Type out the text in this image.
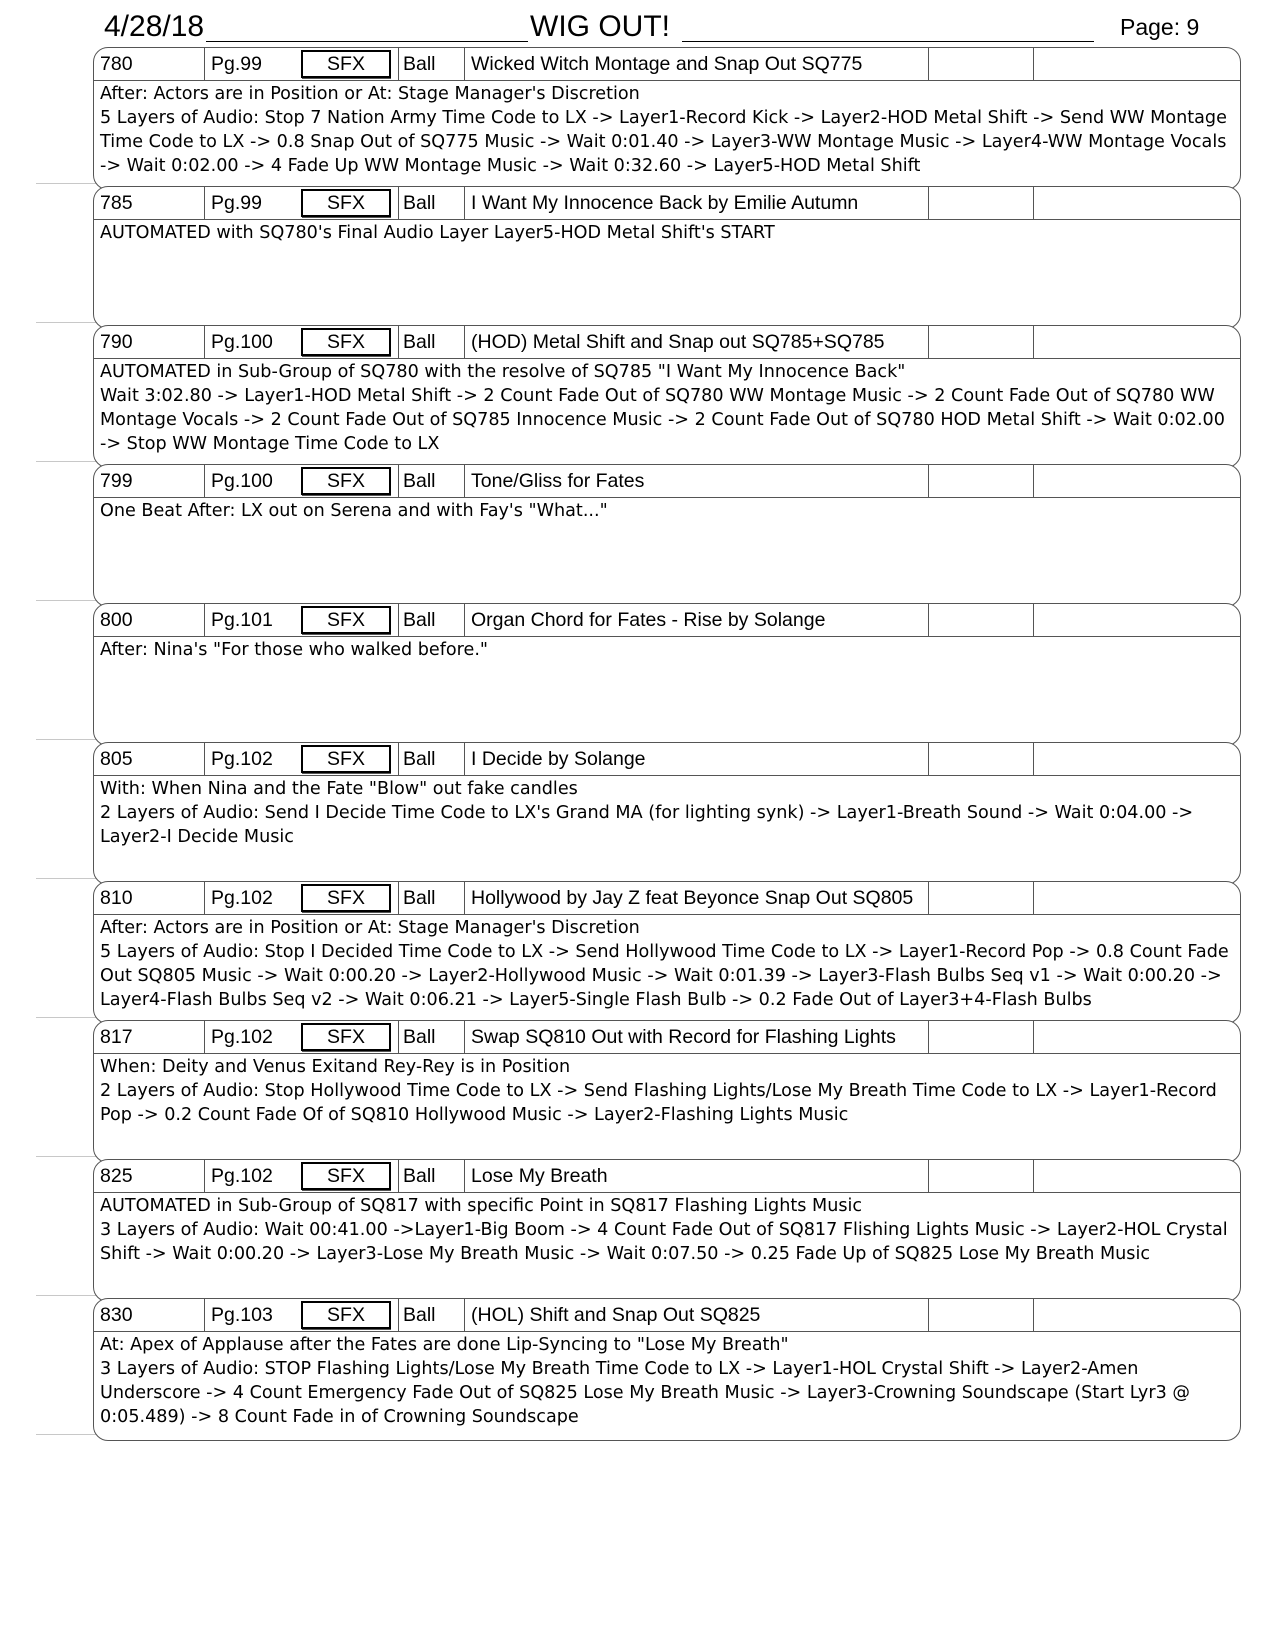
4/28/18	WIG OUT!	Page: 9
780	Pg.99	SFX	Ball	Wicked Witch Montage and Snap Out SQ775
After: Actors are in Position or At: Stage Manager's Discretion
5 Layers of Audio: Stop 7 Nation Army Time Code to LX -> Layer1-Record Kick -> Layer2-HOD Metal Shift -> Send WW Montage Time Code to LX -> 0.8 Snap Out of SQ775 Music -> Wait 0:01.40 -> Layer3-WW Montage Music -> Layer4-WW Montage Vocals -> Wait 0:02.00 -> 4 Fade Up WW Montage Music -> Wait 0:32.60 -> Layer5-HOD Metal Shift
785	Pg.99	SFX	Ball	I Want My Innocence Back by Emilie Autumn
AUTOMATED with SQ780's Final Audio Layer Layer5-HOD Metal Shift's START
790	Pg.100	SFX	Ball	(HOD) Metal Shift and Snap out SQ785+SQ785
AUTOMATED in Sub-Group of SQ780 with the resolve of SQ785 "I Want My Innocence Back"
Wait 3:02.80 -> Layer1-HOD Metal Shift -> 2 Count Fade Out of SQ780 WW Montage Music -> 2 Count Fade Out of SQ780 WW Montage Vocals -> 2 Count Fade Out of SQ785 Innocence Music -> 2 Count Fade Out of SQ780 HOD Metal Shift -> Wait 0:02.00 -> Stop WW Montage Time Code to LX
799	Pg.100	SFX	Ball	Tone/Gliss for Fates
One Beat After: LX out on Serena and with Fay's "What..."
800	Pg.101	SFX	Ball	Organ Chord for Fates - Rise by Solange
After: Nina's "For those who walked before."
805	Pg.102	SFX	Ball	I Decide by Solange
With: When Nina and the Fate "Blow" out fake candles
2 Layers of Audio: Send I Decide Time Code to LX's Grand MA (for lighting synk) -> Layer1-Breath Sound -> Wait 0:04.00 -> Layer2-I Decide Music
810	Pg.102	SFX	Ball	Hollywood by Jay Z feat Beyonce Snap Out SQ805
After: Actors are in Position or At: Stage Manager's Discretion
5 Layers of Audio: Stop I Decided Time Code to LX -> Send Hollywood Time Code to LX -> Layer1-Record Pop -> 0.8 Count Fade Out SQ805 Music -> Wait 0:00.20 -> Layer2-Hollywood Music -> Wait 0:01.39 -> Layer3-Flash Bulbs Seq v1 -> Wait 0:00.20 -> Layer4-Flash Bulbs Seq v2 -> Wait 0:06.21 -> Layer5-Single Flash Bulb -> 0.2 Fade Out of Layer3+4-Flash Bulbs
817	Pg.102	SFX	Ball	Swap SQ810 Out with Record for Flashing Lights
When: Deity and Venus Exitand Rey-Rey is in Position
2 Layers of Audio: Stop Hollywood Time Code to LX -> Send Flashing Lights/Lose My Breath Time Code to LX -> Layer1-Record Pop -> 0.2 Count Fade Of of SQ810 Hollywood Music -> Layer2-Flashing Lights Music
825	Pg.102	SFX	Ball	Lose My Breath
AUTOMATED in Sub-Group of SQ817 with specific Point in SQ817 Flashing Lights Music
3 Layers of Audio: Wait 00:41.00 ->Layer1-Big Boom -> 4 Count Fade Out of SQ817 Flishing Lights Music -> Layer2-HOL Crystal Shift -> Wait 0:00.20 -> Layer3-Lose My Breath Music -> Wait 0:07.50 -> 0.25 Fade Up of SQ825 Lose My Breath Music
830	Pg.103	SFX	Ball	(HOL) Shift and Snap Out SQ825
At: Apex of Applause after the Fates are done Lip-Syncing to "Lose My Breath"
3 Layers of Audio: STOP Flashing Lights/Lose My Breath Time Code to LX -> Layer1-HOL Crystal Shift -> Layer2-Amen Underscore -> 4 Count Emergency Fade Out of SQ825 Lose My Breath Music -> Layer3-Crowning Soundscape (Start Lyr3 @ 0:05.489) -> 8 Count Fade in of Crowning Soundscape
